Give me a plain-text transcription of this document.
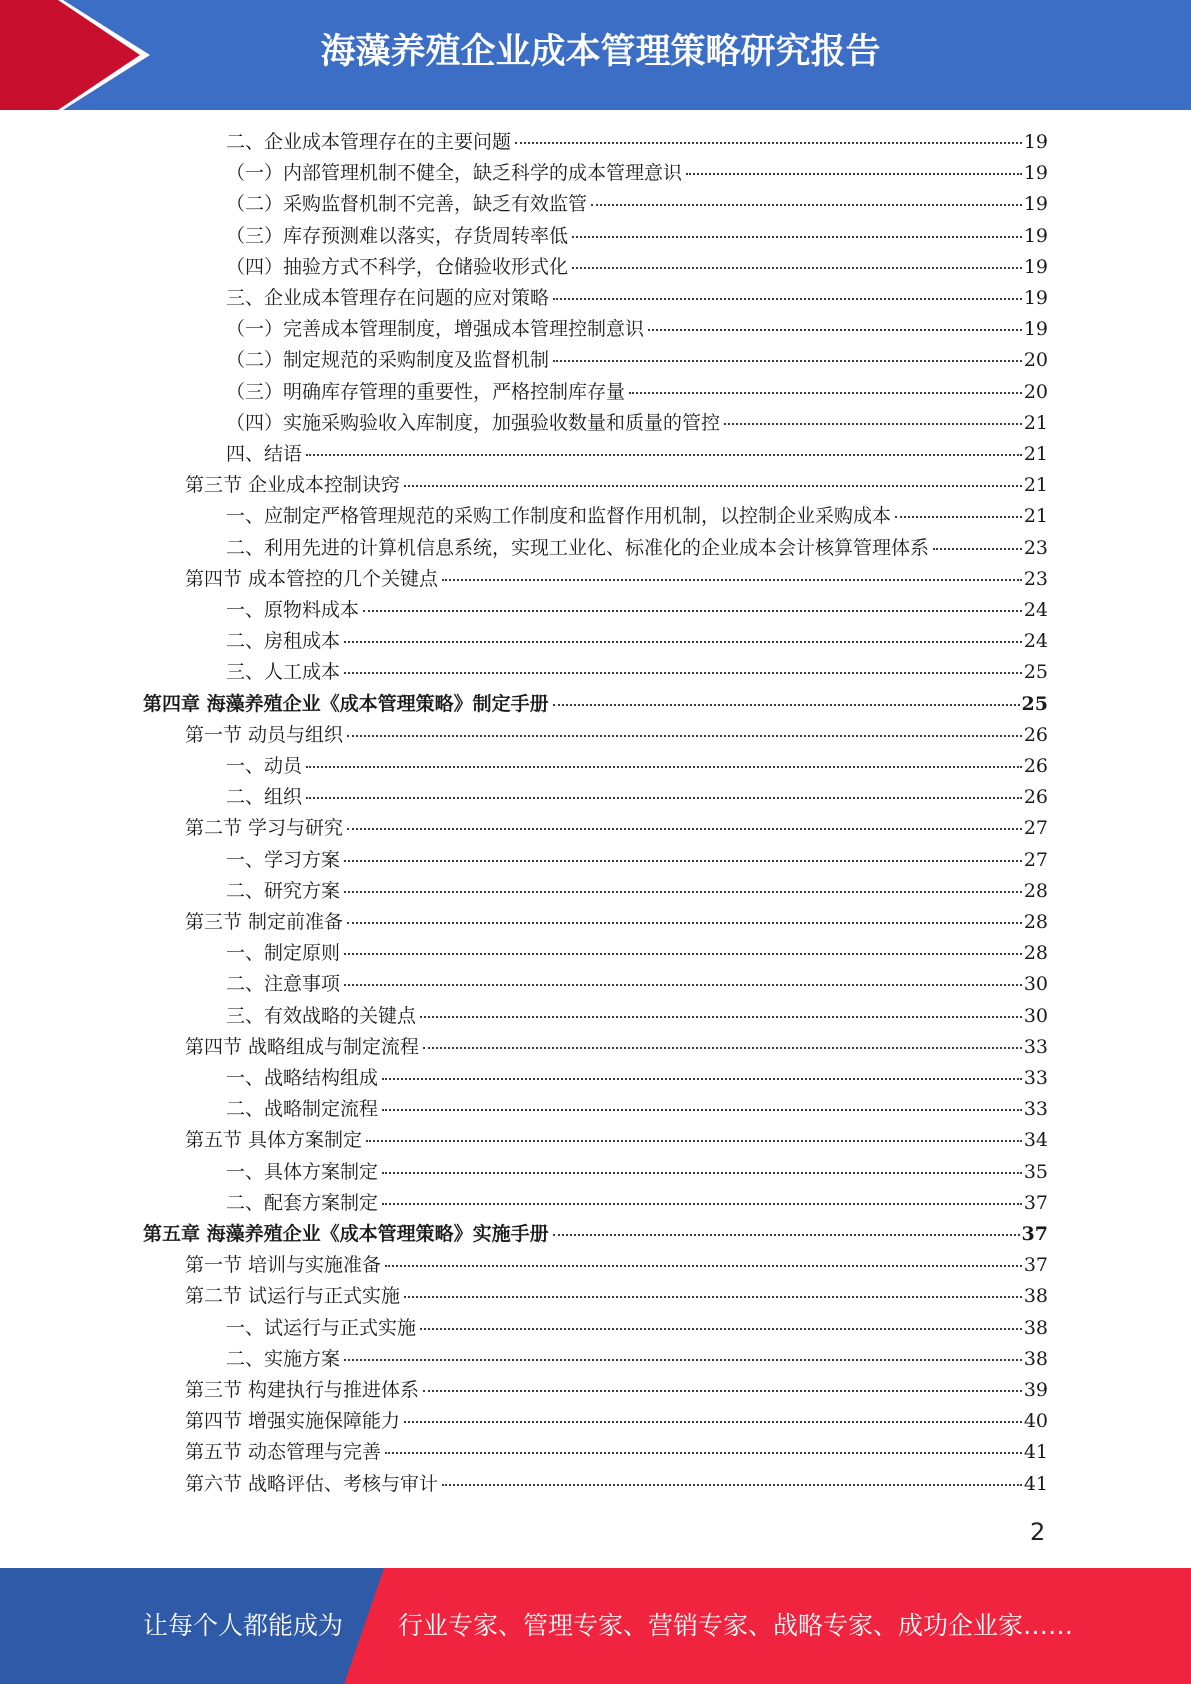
海藻养殖企业成本管理策略研究报告
二、企业成本管理存在的主要问题	19
（一）内部管理机制不健全，缺乏科学的成本管理意识	19
（二）采购监督机制不完善，缺乏有效监管	19
（三）库存预测难以落实，存货周转率低	19
（四）抽验方式不科学，仓储验收形式化	19
三、企业成本管理存在问题的应对策略	19
（一）完善成本管理制度，增强成本管理控制意识	19
（二）制定规范的采购制度及监督机制	20
（三）明确库存管理的重要性，严格控制库存量	20
（四）实施采购验收入库制度，加强验收数量和质量的管控	21
四、结语	21
第三节 企业成本控制诀窍	21
一、应制定严格管理规范的采购工作制度和监督作用机制，以控制企业采购成本	21
二、利用先进的计算机信息系统，实现工业化、标准化的企业成本会计核算管理体系	23
第四节 成本管控的几个关键点	23
一、原物料成本	24
二、房租成本	24
三、人工成本	25
第四章 海藻养殖企业《成本管理策略》制定手册	25
第一节 动员与组织	26
一、动员	26
二、组织	26
第二节 学习与研究	27
一、学习方案	27
二、研究方案	28
第三节 制定前准备	28
一、制定原则	28
二、注意事项	30
三、有效战略的关键点	30
第四节 战略组成与制定流程	33
一、战略结构组成	33
二、战略制定流程	33
第五节 具体方案制定	34
一、具体方案制定	35
二、配套方案制定	37
第五章 海藻养殖企业《成本管理策略》实施手册	37
第一节 培训与实施准备	37
第二节 试运行与正式实施	38
一、试运行与正式实施	38
二、实施方案	38
第三节 构建执行与推进体系	39
第四节 增强实施保障能力	40
第五节 动态管理与完善	41
第六节 战略评估、考核与审计	41
2
让每个人都能成为 行业专家、管理专家、营销专家、战略专家、成功企业家……
